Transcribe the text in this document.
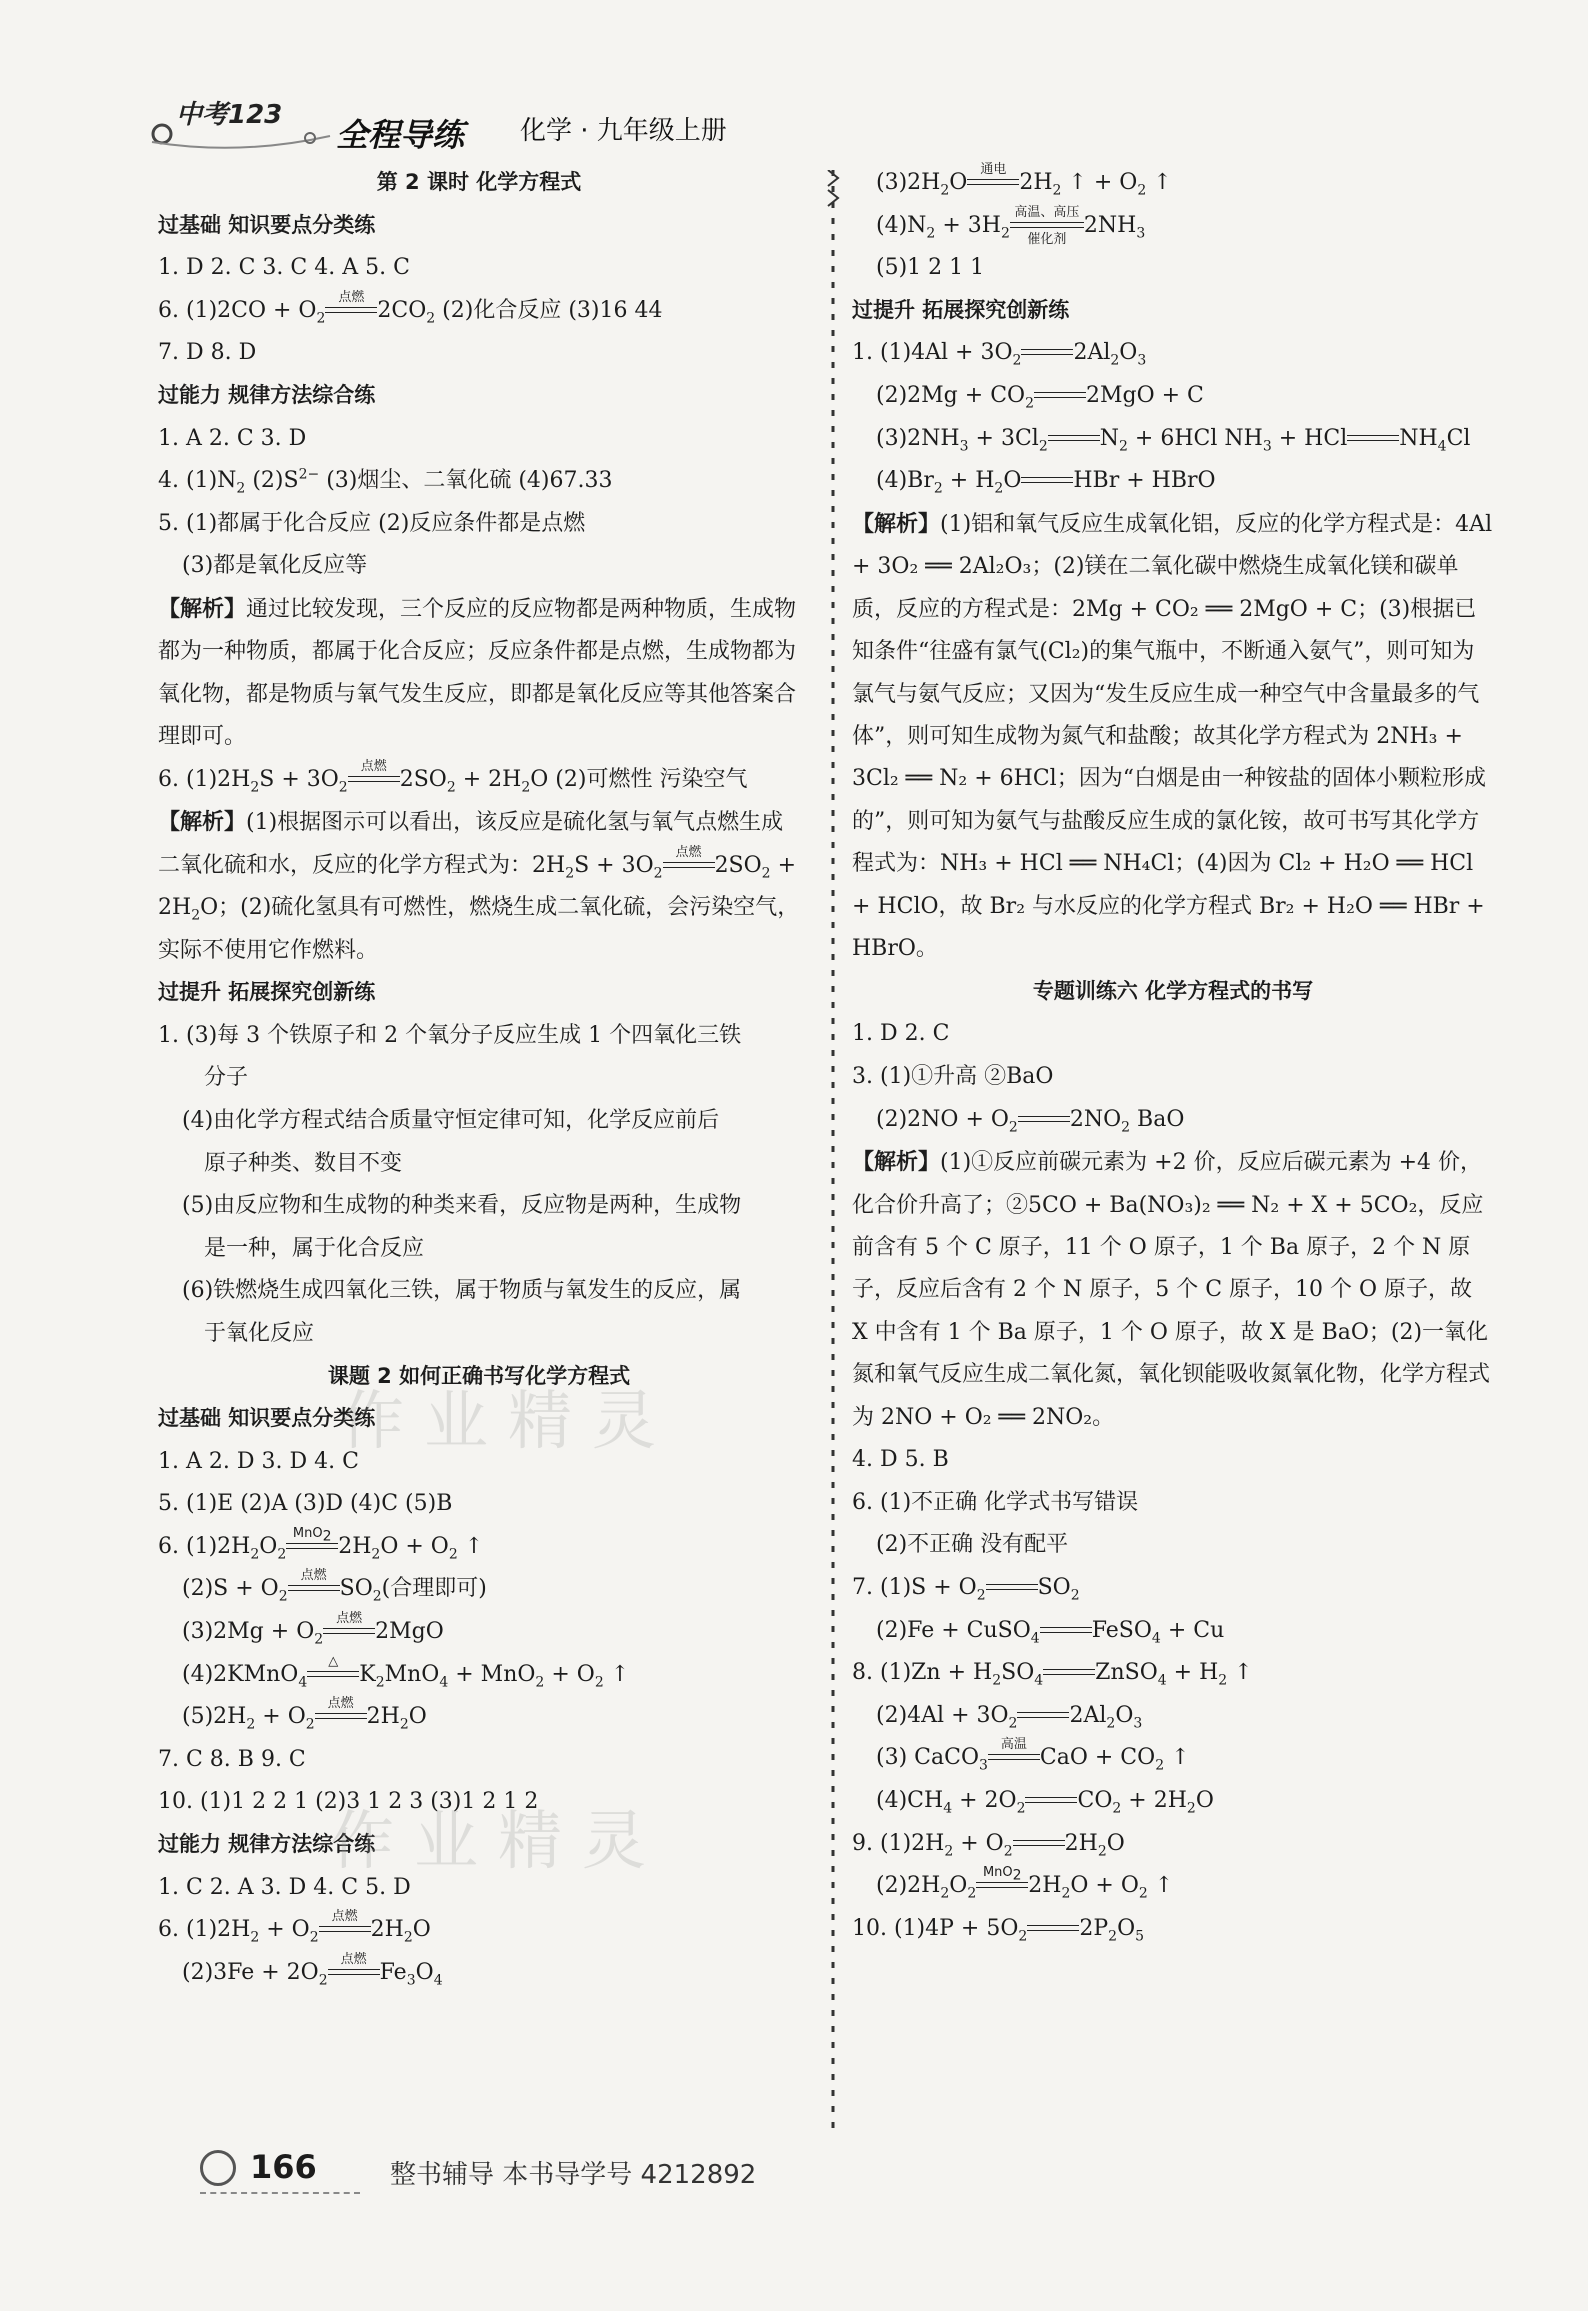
中考123
全程导练 化学 · 九年级上册
第 2 课时 化学方程式
过基础 知识要点分类练
1. D 2. C 3. C 4. A 5. C
6. $(1)2CO + O_2$
点燃
$2CO_2$ (2)化合反应 (3)16 44
7. D 8. D
过能力 规律方法综合练
1. A 2. C 3. D
4. $(1)N_2$ $(2)S^{2-}$ (3)烟尘、二氧化硫 (4)67.33
5. (1)都属于化合反应 (2)反应条件都是点燃
(3)都是氧化反应等
【解析】通过比较发现，三个反应的反应物都是两种物质，生成物都为一种物质，都属于化合反应；反应条件都是点燃，生成物都为氧化物，都是物质与氧气发生反应，即都是氧化反应等其他答案合理即可。
6. $(1)2H_2S + 3O_2$
点燃
$2SO_2 + 2H_2O$ (2)可燃性 污染空气
【解析】(1)根据图示可以看出，该反应是硫化氢与氧气点燃生成二氧化硫和水，反应的化学方程式为：$2H_2S + 3O_2$
点燃
$2SO_2 + 2H_2O$；(2)硫化氢具有可燃性，燃烧生成二氧化硫，会污染空气，实际不使用它作燃料。
过提升 拓展探究创新练
1. (3)每 3 个铁原子和 2 个氧分子反应生成 1 个四氧化三铁
分子
(4)由化学方程式结合质量守恒定律可知，化学反应前后
原子种类、数目不变
(5)由反应物和生成物的种类来看，反应物是两种，生成物
是一种，属于化合反应
(6)铁燃烧生成四氧化三铁，属于物质与氧发生的反应，属
于氧化反应
课题 2 如何正确书写化学方程式
过基础 知识要点分类练
1. A 2. D 3. D 4. C
5. (1)E (2)A (3)D (4)C (5)B
6. $(1)2H_2O_2$
MnO$_2$ $2H_2O + O_2$ ↑
$(2)S + O_2$
点燃
$SO_2$(合理即可)
$(3)2Mg + O_2$
点燃
2MgO
(4)2KMnO$_4$
△
$K_2MnO_4 + MnO_2 + O_2$ ↑
$(5)2H_2 + O_2$
点燃
$2H_2O$
7. C 8. B 9. C
10. (1)1 2 2 1 (2)3 1 2 3 (3)1 2 1 2
过能力 规律方法综合练
1. C 2. A 3. D 4. C 5. D
6. $(1)2H_2 + O_2$
点燃
$2H_2O$
$(2)3Fe + 2O_2$
点燃
$Fe_3O_4$
$(3)2H_2O$
通电
$2H_2$ ↑ + $O_2$ ↑
$(4)N_2 + 3H_2$
高温、高压
催化剂
$2NH_3$
(5)1 2 1 1
过提升 拓展探究创新练
1. $(1)4Al + 3O_2$ $2Al_2O_3$
$(2)2Mg + CO_2$ 2MgO + C
$(3)2NH_3 + 3Cl_2$ $N_2 + 6HCl$ $NH_3$ + HCl $NH_4Cl$
$(4)Br_2 + H_2O$ HBr + HBrO
【解析】(1)铝和氧气反应生成氧化铝，反应的化学方程式是：4Al + 3O₂ ══ 2Al₂O₃；(2)镁在二氧化碳中燃烧生成氧化镁和碳单质，反应的方程式是：2Mg + CO₂ ══ 2MgO + C；(3)根据已知条件“往盛有氯气(Cl₂)的集气瓶中，不断通入氨气”，则可知为氯气与氨气反应；又因为“发生反应生成一种空气中含量最多的气体”，则可知生成物为氮气和盐酸；故其化学方程式为 2NH₃ + 3Cl₂ ══ N₂ + 6HCl；因为“白烟是由一种铵盐的固体小颗粒形成的”，则可知为氨气与盐酸反应生成的氯化铵，故可书写其化学方程式为：NH₃ + HCl ══ NH₄Cl；(4)因为 Cl₂ + H₂O ══ HCl + HClO，故 Br₂ 与水反应的化学方程式 Br₂ + H₂O ══ HBr + HBrO。
专题训练六 化学方程式的书写
1. D 2. C
3. (1)①升高 ②BaO
$(2)2NO + O_2$ $2NO_2$ BaO
【解析】(1)①反应前碳元素为 +2 价，反应后碳元素为 +4 价，化合价升高了；②5CO + Ba(NO₃)₂ ══ N₂ + X + 5CO₂，反应前含有 5 个 C 原子，11 个 O 原子，1 个 Ba 原子，2 个 N 原子，反应后含有 2 个 N 原子，5 个 C 原子，10 个 O 原子，故 X 中含有 1 个 Ba 原子，1 个 O 原子，故 X 是 BaO；(2)一氧化氮和氧气反应生成二氧化氮，氧化钡能吸收氮氧化物，化学方程式为 2NO + O₂ ══ 2NO₂。
4. D 5. B
6. (1)不正确 化学式书写错误
(2)不正确 没有配平
7. $(1)S + O_2$ $SO_2$
(2)Fe + CuSO$_4$ FeSO$_4$ + Cu
8. $(1)Zn + H_2SO_4$ ZnSO$_4$ + $H_2$ ↑
$(2)4Al + 3O_2$ $2Al_2O_3$
(3) CaCO$_3$
高温
CaO + $CO_2$ ↑
$(4)CH_4 + 2O_2$ $CO_2 + 2H_2O$
9. $(1)2H_2 + O_2$ $2H_2O$
$(2)2H_2O_2$
MnO$_2$ $2H_2O + O_2$ ↑
10. $(1)4P + 5O_2$ $2P_2O_5$
作业精灵
作业精灵
166	整书辅导 本书导学号 4212892
